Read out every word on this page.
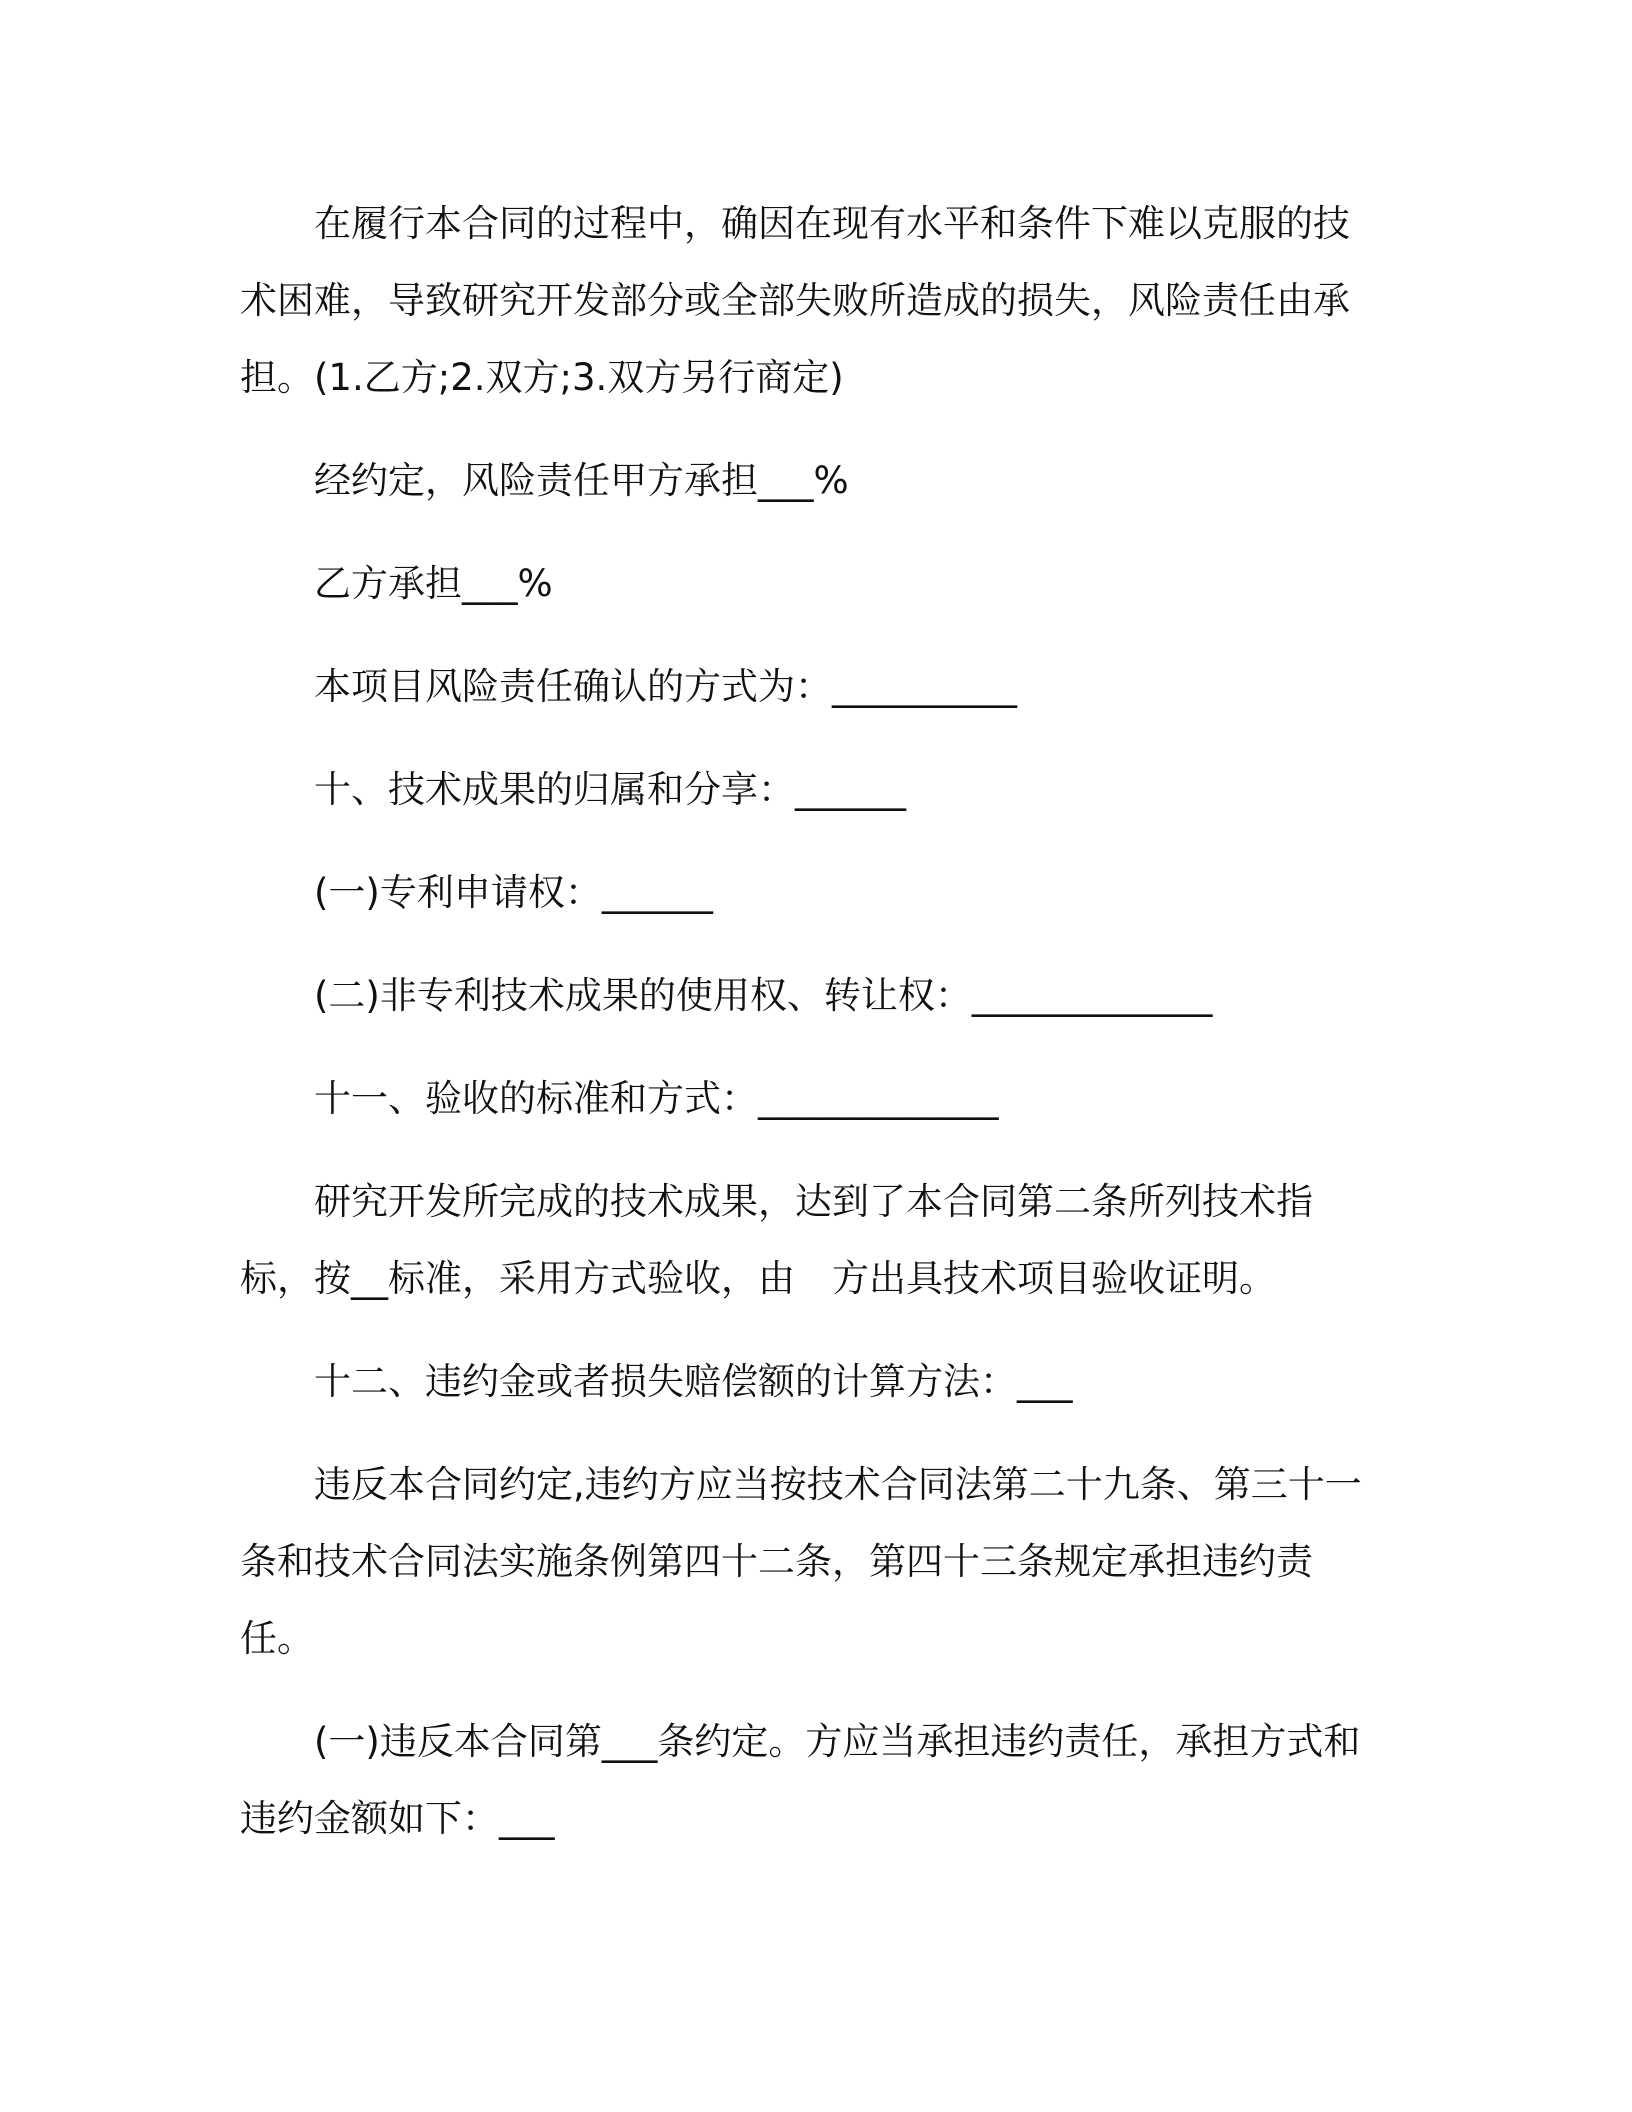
在履行本合同的过程中，确因在现有水平和条件下难以克服的技术困难，导致研究开发部分或全部失败所造成的损失，风险责任由承担。(1.乙方;2.双方;3.双方另行商定)

经约定，风险责任甲方承担___%

乙方承担___%

本项目风险责任确认的方式为：__________

十、技术成果的归属和分享：______

(一)专利申请权：______

(二)非专利技术成果的使用权、转让权：_____________

十一、验收的标准和方式：_____________

研究开发所完成的技术成果，达到了本合同第二条所列技术指标，按__标准，采用方式验收，由　方出具技术项目验收证明。

十二、违约金或者损失赔偿额的计算方法：___

违反本合同约定,违约方应当按技术合同法第二十九条、第三十一条和技术合同法实施条例第四十二条，第四十三条规定承担违约责任。

(一)违反本合同第___条约定。方应当承担违约责任，承担方式和违约金额如下：___
